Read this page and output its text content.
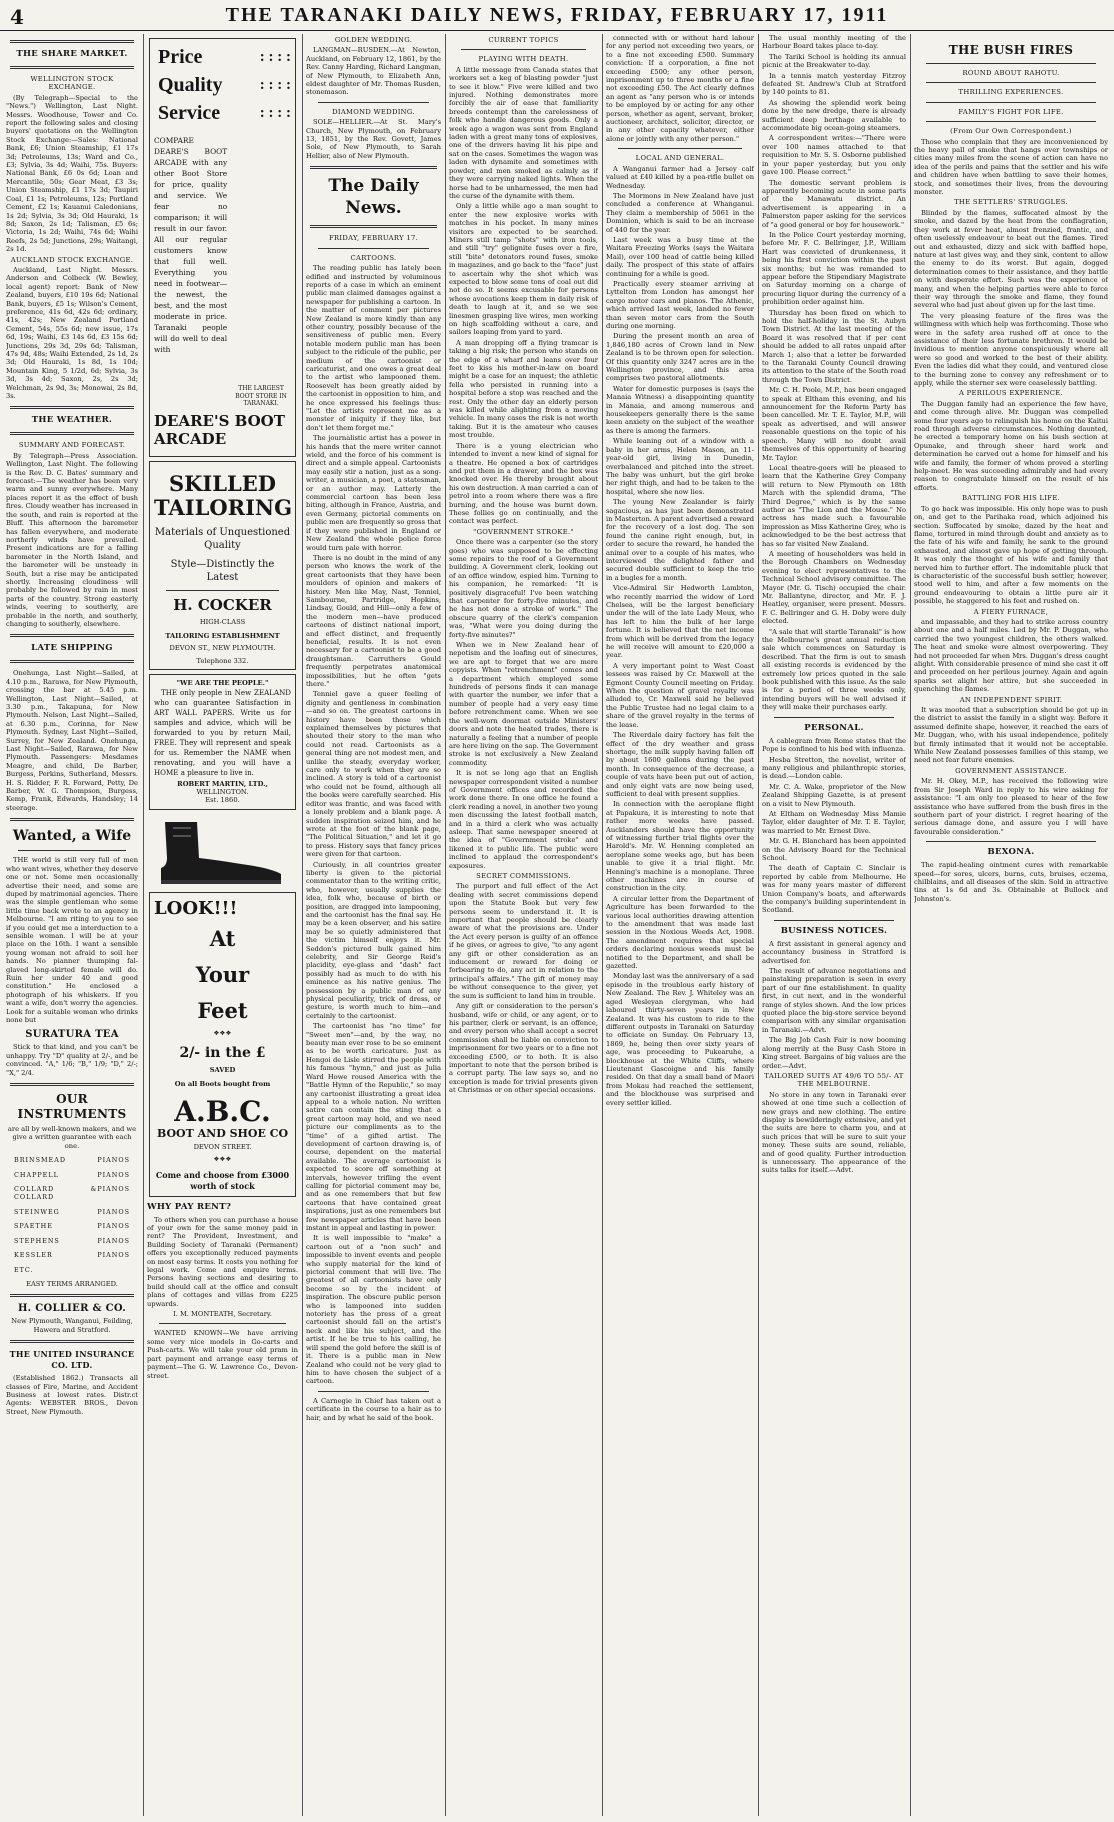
4	THE TARANAKI DAILY NEWS, FRIDAY, FEBRUARY 17, 1911
THE SHARE MARKET.
WELLINGTON STOCK EXCHANGE.

(By Telegraph—Special to the "News.") Wellington, Last Night. Messrs. Woodhouse, Tower and Co. report the following sales and closing buyers' quotations on the Wellington Stock Exchange:—Sales: National Bank, £6; Union Steamship, £1 17s 3d; Petroleums, 13s; Ward and Co., £3; Sylvia, 3s 4d; Waihi, 75s. Buyers: National Bank, £6 0s 6d; Loan and Mercantile, 50s; Gear Meat, £3 3s; Union Steamship, £1 17s 3d; Taupiri Coal, £1 1s; Petroleums, 12s; Portland Cement, £2 1s; Kauanui Caledonians, 1s 2d; Sylvia, 3s 3d; Old Hauraki, 1s 8d; Saxon, 2s 1d; Talisman, £5 6s; Victoria, 1s 2d; Waihi, 74s 6d; Waihi Reefs, 2s 5d; Junctions, 29s; Waitangi, 2s 1d.

AUCKLAND STOCK EXCHANGE.

Auckland, Last Night. Messrs. Anderson and Colbeck (W. Bewley, local agent) report: Bank of New Zealand, buyers, £10 19s 6d; National Bank, buyers, £5 1s; Wilson's Cement, preference, 41s 6d, 42s 6d; ordinary, 41s, 42s; New Zealand Portland Cement, 54s, 55s 6d; new issue, 17s 6d, 19s; Waihi, £3 14s 6d, £3 15s 6d; Junctions, 29s 3d, 29s 6d; Talisman, 47s 9d, 48s; Waihi Extended, 2s 1d, 2s 3d; Old Hauraki, 1s 8d, 1s 10d; Mountain King, 5 1/2d, 6d; Sylvia, 3s 3d, 3s 4d; Saxon, 2s, 2s 3d; Welchman, 2s 9d, 3s; Monowai, 2s 8d, 3s.

THE WEATHER.
SUMMARY AND FORECAST.

By Telegraph—Press Association. Wellington, Last Night. The following is the Rev. D. C. Bates' summary and forecast:—The weather has been very warm and sunny everywhere. Many places report it as the effect of bush fires. Cloudy weather has increased in the south, and rain is reported at the Bluff. This afternoon the barometer has fallen everywhere, and moderate northerly winds have prevailed. Present indications are for a falling barometer in the North Island, and the barometer will be unsteady in South, but a rise may be anticipated shortly. Increasing cloudiness will probably be followed by rain in most parts of the country. Strong easterly winds, veering to southerly, are probable in the north, and southerly, changing to southerly, elsewhere.

LATE SHIPPING

Onehunga, Last Night—Sailed, at 4.10 p.m., Rarawa, for New Plymouth, crossing the bar at 5.45 p.m. Wellington, Last Night—Sailed, at 3.30 p.m., Takapuna, for New Plymouth. Nelson, Last Night—Sailed, at 6.30 p.m., Corinna, for New Plymouth. Sydney, Last Night—Sailed, Surrey, for New Zealand. Onehunga, Last Night—Sailed, Rarawa, for New Plymouth. Passengers: Mesdames Meagre, and child, De Barber, Burgess, Perkins, Sutherland, Messrs. H. S. Ridder, F. R. Forward, Petty, De Barber, W. G. Thompson, Burgess, Kemp, Frank, Edwards, Handsley; 14 steerage.

Wanted, a Wife

THE world is still very full of men who want wives, whether they deserve one or not. Some men occasionally advertise their need, and some are duped by matrimonial agencies. There was the simple gentleman who some little time back wrote to an agency in Melbourne. "I am riting to you to see if you could get me a interduction to a sensible woman. I will be at your place on the 16th. I want a sensible young woman not afraid to soil her hands. No pianner thumping fal-glaved long-skirted female will do. Ruin her under 40 and good constitution." He enclosed a photograph of his whiskers. If you want a wife, don't worry the agencies. Look for a suitable woman who drinks none but

SURATURA TEA

Stick to that kind, and you can't be unhappy. Try "D" quality at 2/-, and be convinced. "A," 1/6; "B," 1/9; "D," 2/-; "X," 2/4.

OUR INSTRUMENTS
are all by well-known makers, and we give a written guarantee with each one.
BRINSMEAD	PIANOS
CHAPPELL	PIANOS
COLLARD & COLLARD
PIANOS
STEINWEG	PIANOS
SPAETHE	PIANOS
STEPHENS	PIANOS
KESSLER	PIANOS
ETC.
EASY TERMS ARRANGED.
H. COLLIER & CO.
New Plymouth, Wanganui, Feilding, Hawera and Stratford.
THE UNITED INSURANCE CO. LTD.

(Established 1862.) Transacts all classes of Fire, Marine, and Accident Business at lowest rates. Distr.ct Agents: WEBSTER BROS., Devon Street, New Plymouth.

Price	: : : :
Quality : : : :
Service	: : : :
COMPARE DEARE'S BOOT ARCADE with any other Boot Store for price, quality and service. We fear no comparison; it will result in our favor. All our regular customers know that full well. Everything you need in footwear—the newest, the best, and the most moderate in price. Taranaki people will do well to deal with
THE LARGEST BOOT STORE IN TARANAKI.
DEARE'S BOOT ARCADE
SKILLED TAILORING
Materials of Unquestioned Quality
Style—Distinctly the Latest
H. COCKER
HIGH-CLASS
TAILORING ESTABLISHMENT
DEVON ST., NEW PLYMOUTH.
Telephone 332.
"WE ARE THE PEOPLE."

THE only people in New ZEALAND who can guarantee Satisfaction in ART WALL PAPERS. Write us for samples and advice, which will be forwarded to you by return Mail, FREE. They will represent and speak for us. Remember the NAME when renovating, and you will have a HOME a pleasure to live in.

ROBERT MARTIN, LTD.,
WELLINGTON.
Est. 1860.
LOOK!!!
At
Your
Feet
❖❖❖
2/- in the £
SAVED
On all Boots bought from
A.B.C.
BOOT AND SHOE CO
DEVON STREET.
❖❖❖
Come and choose from £3000 worth of stock
WHY PAY RENT?

To others when you can purchase a house of your own for the same money paid in rent? The Provident, Investment, and Building Society of Taranaki (Permanent) offers you exceptionally reduced payments on most easy terms. It costs you nothing for legal work. Come and enquire terms. Persons having sections and desiring to build should call at the office and consult plans of cottages and villas from £225 upwards.

I. M. MONTEATH, Secretary.

WANTED KNOWN—We have arriving some very nice models in Go-carts and Push-carts. We will take your old pram in part payment and arrange easy terms of payment—The G. W. Lawrence Co., Devon-street.

GOLDEN WEDDING.

LANGMAN—RUSDEN.—At Newton, Auckland, on February 12, 1861, by the Rev. Canny Harding, Richard Langman, of New Plymouth, to Elizabeth Ann, eldest daughter of Mr. Thomas Rusden, stonemason.

DIAMOND WEDDING.

SOLE—HELLIER.—At St. Mary's Church, New Plymouth, on February 13, 1851, by the Rev. Govett, James Sole, of New Plymouth, to Sarah Hellier, also of New Plymouth.

The Daily News.
FRIDAY, FEBRUARY 17.
CARTOONS.

The reading public has lately been edified and instructed by voluminous reports of a case in which an eminent public man claimed damages against a newspaper for publishing a cartoon. In the matter of comment per pictures New Zealand is more kindly than any other country, possibly because of the sensitiveness of public men. Every notable modern public man has been subject to the ridicule of the public, per medium of the cartoonist or caricaturist, and one owes a great deal to the artist who lampooned them. Roosevelt has been greatly aided by the cartoonist in opposition to him, and he once expressed his feelings thus: "Let the artists represent me as a monster of iniquity if they like, but don't let them forget me."

The journalistic artist has a power in his hands that the mere writer cannot wield, and the force of his comment is direct and a simple appeal. Cartoonists may easily stir a nation, just as a song-writer, a musician, a poet, a statesman, or an author may. Latterly the commercial cartoon has been less biting, although in France, Austria, and even Germany, pictorial comments on public men are frequently so gross that if they were published in England or New Zealand the whole police force would turn pale with horror.

There is no doubt in the mind of any person who knows the work of the great cartoonists that they have been moulders of opinion and makers of history. Men like May, Nast, Tenniel, Sambourne, Partridge, Hopkins, Lindsay, Gould, and Hill—only a few of the modern men—have produced cartoons of distinct national import, and effect distinct, and frequently beneficial, results. It is not even necessary for a cartoonist to be a good draughtsman. Carruthers Gould frequently perpetrates anatomical impossibilities, but he often "gets there."

Tenniel gave a queer feeling of dignity and gentleness in combination—and so on. The greatest cartoons in history have been those which explained themselves by pictures that shouted their story to the man who could not read. Cartoonists as a general thing are not modest men, and unlike the steady, everyday worker, care only to work when they are so inclined. A story is told of a cartoonist who could not be found, although all the books were carefully searched. His editor was frantic, and was faced with a lonely problem and a blank page. A sudden inspiration seized him, and he wrote at the foot of the blank page, "The Political Situation," and let it go to press. History says that fancy prices were given for that cartoon.

Curiously, in all countries greater liberty is given to the pictorial commentator than to the writing critic, who, however, usually supplies the idea, folk who, because of birth or position, are dragged into lampooning, and the cartoonist has the final say. He may be a keen observer, and his satire may be so quietly administered that the victim himself enjoys it. Mr. Seddon's pictured bulk gained him celebrity, and Sir George Reid's placidity, eye-glass and "dash" fact possibly had as much to do with his eminence as his native genius. The possession by a public man of any physical peculiarity, trick of dress, or gesture, is worth much to him—and certainly to the cartoonist.

The cartoonist has "no time" for "Sweet men"—and, by the way, no beauty man ever rose to be so eminent as to be worth caricature. Just as Hengoi de Lisle stirred the people with his famous "hymn," and just as Julia Ward Howe roused America with the "Battle Hymn of the Republic," so may any cartoonist illustrating a great idea appeal to a whole nation. No written satire can contain the sting that a great cartoon may hold, and we need picture our compliments as to the "time" of a gifted artist. The development of cartoon drawing is, of course, dependent on the material available. The average cartoonist is expected to score off something at intervals, however trifling the event calling for pictorial comment may be, and as one remembers that but few cartoons that have contained great inspirations, just as one remembers but few newspaper articles that have been instant in appeal and lasting in power.

It is well impossible to "make" a cartoon out of a "non such" and impossible to invent events and people who supply material for the kind of pictorial comment that will live. The greatest of all cartoonists have only become so by the incident of inspiration. The obscure public person who is lampooned into sudden notoriety has the press of a great cartoonist should fall on the artist's neck and like his subject, and the artist. If he be true to his calling, he will spend the gold before the skill is of it. There is a public man in New Zealand who could not be very glad to him to have chosen the subject of a cartoon.

A Carnegie in Chief has taken out a certificate in the course to a hair as to hair, and by what he said of the book.

CURRENT TOPICS
PLAYING WITH DEATH.

A little message from Canada states that workers set a keg of blasting powder "just to see it blow." Five were killed and two injured. Nothing demonstrates more forcibly the air of ease that familiarity breeds contempt than the carelessness of folk who handle dangerous goods. Only a week ago a wagon was sent from England laden with a great many tons of explosives, one of the drivers having lit his pipe and sat on the cases. Sometimes the wagon was laden with dynamite and sometimes with powder, and men smoked as calmly as if they were carrying naked lights. When the horse had to be unharnessed, the men had the curse of the dynamite with them.

Only a little while ago a man sought to enter the new explosive works with matches in his pocket. In many mines visitors are expected to be searched. Miners still tamp "shots" with iron tools, and still "try" gelignite fuses over a fire, still "bite" detonators round fuses, smoke in magazines, and go back to the "face" just to ascertain why the shot which was expected to blow some tons of coal out did not do so. It seems excusable for persons whose avocations keep them in daily risk of death to laugh at it, and so we see linesmen grasping live wires, men working on high scaffolding without a care, and sailors leaping from yard to yard.

A man dropping off a flying tramcar is taking a big risk; the person who stands on the edge of a wharf and leans over four feet to kiss his mother-in-law on board might be a case for an inquest; the athletic fella who persisted in running into a hospital before a stop was reached and the rest. Only the other day an elderly person was killed while alighting from a moving vehicle. In many cases the risk is not worth taking. But it is the amateur who causes most trouble.

There is a young electrician who intended to invent a new kind of signal for a theatre. He opened a box of cartridges and put them in a drawer, and the box was knocked over. He thereby brought about his own destruction. A man carried a can of petrol into a room where there was a fire burning, and the house was burnt down. These follies go on continually, and the contact was perfect.

"GOVERNMENT STROKE."

Once there was a carpenter (so the story goes) who was supposed to be effecting some repairs to the roof of a Government building. A Government clerk, looking out of an office window, espied him. Turning to his companion, he remarked: "It is positively disgraceful! I've been watching that carpenter for forty-five minutes, and he has not done a stroke of work." The obscure quarry of the clerk's companion was, "What were you doing during the forty-five minutes?"

When we in New Zealand hear of nepotism and the loafing out of sinecures, we are apt to forget that we are mere copyists. When "retrenchment" comes and a department which employed some hundreds of persons finds it can manage with quarter the number, we infer that a number of people had a very easy time before retrenchment came. When we see the well-worn doormat outside Ministers' doors and note the heated trades, there is naturally a feeling that a number of people are here living on the sap. The Government stroke is not exclusively a New Zealand commodity.

It is not so long ago that an English newspaper correspondent visited a number of Government offices and recorded the work done there. In one office he found a clerk reading a novel, in another two young men discussing the latest football match, and in a third a clerk who was actually asleep. That same newspaper sneered at the idea of "Government stroke" and likened it to public life. The public were inclined to applaud the correspondent's exposures.

SECRET COMMISSIONS.

The purport and full effect of the Act dealing with secret commissions depend upon the Statute Book but very few persons seem to understand it. It is important that people should be clearly aware of what the provisions are. Under the Act every person is guilty of an offence if he gives, or agrees to give, "to any agent any gift or other consideration as an inducement or reward for doing or forbearing to do, any act in relation to the principal's affairs." The gift of money may be without consequence to the giver, yet the sum is sufficient to land him in trouble.

Any gift or consideration to the person's husband, wife or child, or any agent, or to his partner, clerk or servant, is an offence, and every person who shall accept a secret commission shall be liable on conviction to imprisonment for two years or to a fine not exceeding £500, or to both. It is also important to note that the person bribed is a corrupt party. The law says so, and no exception is made for trivial presents given at Christmas or on other special occasions.

connected with or without hard labour for any period not exceeding two years, or to a fine not exceeding £500. Summary conviction: If a corporation, a fine not exceeding £500; any other person, imprisonment up to three months or a fine not exceeding £50. The Act clearly defines an agent as "any person who is or intends to be employed by or acting for any other person, whether as agent, servant, broker, auctioneer, architect, solicitor, director, or in any other capacity whatever, either alone or jointly with any other person."

LOCAL AND GENERAL.

A Wanganui farmer had a Jersey calf valued at £40 killed by a pea-rifle bullet on Wednesday.

The Mormons in New Zealand have just concluded a conference at Whanganui. They claim a membership of 5061 in the Dominion, which is said to be an increase of 440 for the year.

Last week was a busy time at the Waitara Freezing Works (says the Waitara Mail), over 100 head of cattle being killed daily. The prospect of this state of affairs continuing for a while is good.

Practically every steamer arriving at Lyttelton from London has amongst her cargo motor cars and pianos. The Athenic, which arrived last week, landed no fewer than seven motor cars from the South during one morning.

During the present month an area of 1,846,180 acres of Crown land in New Zealand is to be thrown open for selection. Of this quantity only 3247 acres are in the Wellington province, and this area comprises two pastoral allotments.

Water for domestic purposes is (says the Manaia Witness) a disappointing quantity in Manaia, and among numerous and housekeepers generally there is the same keen anxiety on the subject of the weather as there is among the farmers.

While leaning out of a window with a baby in her arms, Helen Mason, an 11-year-old girl, living in Dunedin, overbalanced and pitched into the street. The baby was unhurt, but the girl broke her right thigh, and had to be taken to the hospital, where she now lies.

The young New Zealander is fairly sagacious, as has just been demonstrated in Masterton. A parent advertised a reward for the recovery of a lost dog. The son found the canine right enough, but, in order to secure the reward, he handed the animal over to a couple of his mates, who interviewed the delighted father and secured double sufficient to keep the trio in a bugles for a month.

Vice-Admiral Sir Hedworth Lambton, who recently married the widow of Lord Chelsea, will be the largest beneficiary under the will of the late Lady Meux, who has left to him the bulk of her large fortune. It is believed that the net income from which will be derived from the legacy he will receive will amount to £20,000 a year.

A very important point to West Coast lessees was raised by Cr. Maxwell at the Egmont County Council meeting on Friday. When the question of gravel royalty was alluded to, Cr. Maxwell said he believed the Public Trustee had no legal claim to a share of the gravel royalty in the terms of the lease.

The Riverdale dairy factory has felt the effect of the dry weather and grass shortage, the milk supply having fallen off by about 1600 gallons during the past month. In consequence of the decrease, a couple of vats have been put out of action, and only eight vats are now being used, sufficient to deal with present supplies.

In connection with the aeroplane flight at Papakura, it is interesting to note that rather more weeks have passed. Aucklanders should have the opportunity of witnessing further trial flights over the Harold's. Mr. W. Henning completed an aeroplane some weeks ago, but has been unable to give it a trial flight. Mr. Henning's machine is a monoplane. Three other machines are in course of construction in the city.

A circular letter from the Department of Agriculture has been forwarded to the various local authorities drawing attention to the amendment that was made last session in the Noxious Weeds Act, 1908. The amendment requires that special orders declaring noxious weeds must be notified to the Department, and shall be gazetted.

Monday last was the anniversary of a sad episode in the troublous early history of New Zealand. The Rev. J. Whiteley was an aged Wesleyan clergyman, who had laboured thirty-seven years in New Zealand. It was his custom to ride to the different outposts in Taranaki on Saturday to officiate on Sunday. On February 13, 1869, he, being then over sixty years of age, was proceeding to Pukearuhe, a blockhouse at the White Cliffs, where Lieutenant Gascoigne and his family resided. On that day a small band of Maori from Mokau had reached the settlement, and the blockhouse was surprised and every settler killed.

The usual monthly meeting of the Harbour Board takes place to-day.

The Tariki School is holding its annual picnic at the Breakwater to-day.

In a tennis match yesterday Fitzroy defeated St. Andrew's Club at Stratford by 140 points to 81.

As showing the splendid work being done by the new dredge, there is already sufficient deep berthage available to accommodate big ocean-going steamers.

A correspondent writes:—"There were over 100 names attached to that requisition to Mr. S. S. Osborne published in your paper yesterday, but you only gave 100. Please correct."

The domestic servant problem is apparently becoming acute in some parts of the Manawatu district. An advertisement is appearing in a Palmerston paper asking for the services of "a good general or boy for housework."

In the Police Court yesterday morning, before Mr. F. C. Bellringer, J.P., William Hart was convicted of drunkenness, it being his first conviction within the past six months; but he was remanded to appear before the Stipendiary Magistrate on Saturday morning on a charge of procuring liquor during the currency of a prohibition order against him.

Thursday has been fixed on which to hold the half-holiday in the St. Aubyn Town District. At the last meeting of the Board it was resolved that if per cent should be added to all rates unpaid after March 1; also that a letter be forwarded to the Taranaki County Council drawing its attention to the state of the South road through the Town District.

Mr. C. H. Poole, M.P., has been engaged to speak at Eltham this evening, and his announcement for the Reform Party has been cancelled. Mr. T. E. Taylor, M.P., will speak as advertised, and will answer reasonable questions on the topic of his speech. Many will no doubt avail themselves of this opportunity of hearing Mr. Taylor.

Local theatre-goers will be pleased to learn that the Katherine Grey Company will return to New Plymouth on 18th March with the splendid drama, "The Third Degree," which is by the same author as "The Lion and the Mouse." No actress has made such a favourable impression as Miss Katherine Grey, who is acknowledged to be the best actress that has so far visited New Zealand.

A meeting of householders was held in the Borough Chambers on Wednesday evening to elect representatives to the Technical School advisory committee. The Mayor (Mr. G. Tisch) occupied the chair. Mr. Ballantyne, director, and Mr. F. J. Heatley, organiser, were present. Messrs. F. C. Bellringer and G. H. Doby were duly elected.

"A sale that will startle Taranaki" is how the Melbourne's great annual reduction sale which commences on Saturday is described. That the firm is out to smash all existing records is evidenced by the extremely low prices quoted in the sale book published with this issue. As the sale is for a period of three weeks only, intending buyers will be well advised if they will make their purchases early.

PERSONAL.

A cablegram from Rome states that the Pope is confined to his bed with influenza.

Hesba Stretton, the novelist, writer of many religious and philanthropic stories, is dead.—London cable.

Mr. C. A. Wake, proprietor of the New Zealand Shipping Gazette, is at present on a visit to New Plymouth.

At Eltham on Wednesday Miss Mamie Taylor, elder daughter of Mr. T. E. Taylor, was married to Mr. Ernest Dive.

Mr. G. H. Blanchard has been appointed on the Advisory Board for the Technical School.

The death of Captain C. Sinclair is reported by cable from Melbourne. He was for many years master of different Union Company's boats, and afterwards the company's building superintendent in Scotland.

BUSINESS NOTICES.

A first assistant in general agency and accountancy business in Stratford is advertised for.

The result of advance negotiations and painstaking preparation is seen in every part of our fine establishment. In quality first, in cut next, and in the wonderful range of styles shown. And the low prices quoted place the big-store service beyond comparison with any similar organisation in Taranaki.—Advt.

The Big Job Cash Fair is now booming along merrily at the Busy Cash Store in King street. Bargains of big values are the order.—Advt.

TAILORED SUITS AT 49/6 TO 55/- AT THE MELBOURNE.

No store in any town in Taranaki ever showed at one time such a collection of new grays and new clothing. The entire display is bewilderingly extensive, and yet the suits are here to charm you, and at such prices that will be sure to suit your money. These suits are sound, reliable, and of good quality. Further introduction is unnecessary. The appearance of the suits talks for itself.—Advt.

THE BUSH FIRES
ROUND ABOUT RAHOTU.
THRILLING EXPERIENCES.
FAMILY'S FIGHT FOR LIFE.
(From Our Own Correspondent.)

Those who complain that they are inconvenienced by the heavy pall of smoke that hangs over townships or cities many miles from the scene of action can have no idea of the perils and pains that the settler and his wife and children have when battling to save their homes, stock, and sometimes their lives, from the devouring monster.

THE SETTLERS' STRUGGLES.

Blinded by the flames, suffocated almost by the smoke, and dazed by the heat from the conflagration, they work at fever heat, almost frenzied, frantic, and often uselessly endeavour to beat out the flames. Tired out and exhausted, dizzy and sick with baffled hope, nature at last gives way, and they sink, content to allow the enemy to do its worst. But again, dogged determination comes to their assistance, and they battle on with desperate effort. Such was the experience of many, and when the helping parties were able to force their way through the smoke and flame, they found several who had just about given up for the last time.

The very pleasing feature of the fires was the willingness with which help was forthcoming. Those who were in the safety area rushed off at once to the assistance of their less fortunate brethren. It would be invidious to mention anyone conspicuously where all were so good and worked to the best of their ability. Even the ladies did what they could, and ventured close to the burning zone to convey any refreshment or to apply, while the sterner sex were ceaselessly battling.

A PERILOUS EXPERIENCE.

The Duggan family had an experience the few have, and come through alive. Mr. Duggan was compelled some four years ago to relinquish his home on the Kaitui road through adverse circumstances. Nothing daunted, he erected a temporary home on his bush section at Opunake, and through sheer hard work and determination he carved out a home for himself and his wife and family, the former of whom proved a sterling help-meet. He was succeeding admirably and had every reason to congratulate himself on the result of his efforts.

BATTLING FOR HIS LIFE.

To go back was impossible. His only hope was to push on, and get to the Parihaka road, which adjoined his section. Suffocated by smoke, dazed by the heat and flame, tortured in mind through doubt and anxiety as to the fate of his wife and family, he sank to the ground exhausted, and almost gave up hope of getting through. It was only the thought of his wife and family that nerved him to further effort. The indomitable pluck that is characteristic of the successful bush settler, however, stood well to him, and after a few moments on the ground endeavouring to obtain a little pure air it possible, he staggered to his feet and rushed on.

A FIERY FURNACE,

and impassable, and they had to strike across country about one and a half miles. Led by Mr. P. Duggan, who carried the two youngest children, the others walked. The heat and smoke were almost overpowering. They had not proceeded far when Mrs. Duggan's dress caught alight. With considerable presence of mind she cast it off and proceeded on her perilous journey. Again and again sparks set alight her attire, but she succeeded in quenching the flames.

AN INDEPENDENT SPIRIT.

It was mooted that a subscription should be got up in the district to assist the family in a slight way. Before it assumed definite shape, however, it reached the ears of Mr. Duggan, who, with his usual independence, politely but firmly intimated that it would not be acceptable. While New Zealand possesses families of this stamp, we need not fear future enemies.

GOVERNMENT ASSISTANCE.

Mr. H. Okey, M.P., has received the following wire from Sir Joseph Ward in reply to his wire asking for assistance: "I am only too pleased to hear of the few assistance who have suffered from the bush fires in the southern part of your district. I regret hearing of the serious damage done, and assure you I will have favourable consideration."

BEXONA.

The rapid-healing ointment cures with remarkable speed—for sores, ulcers, burns, cuts, bruises, eczema, chilblains, and all diseases of the skin. Sold in attractive tins at 1s 6d and 3s. Obtainable at Bullock and Johnston's.
